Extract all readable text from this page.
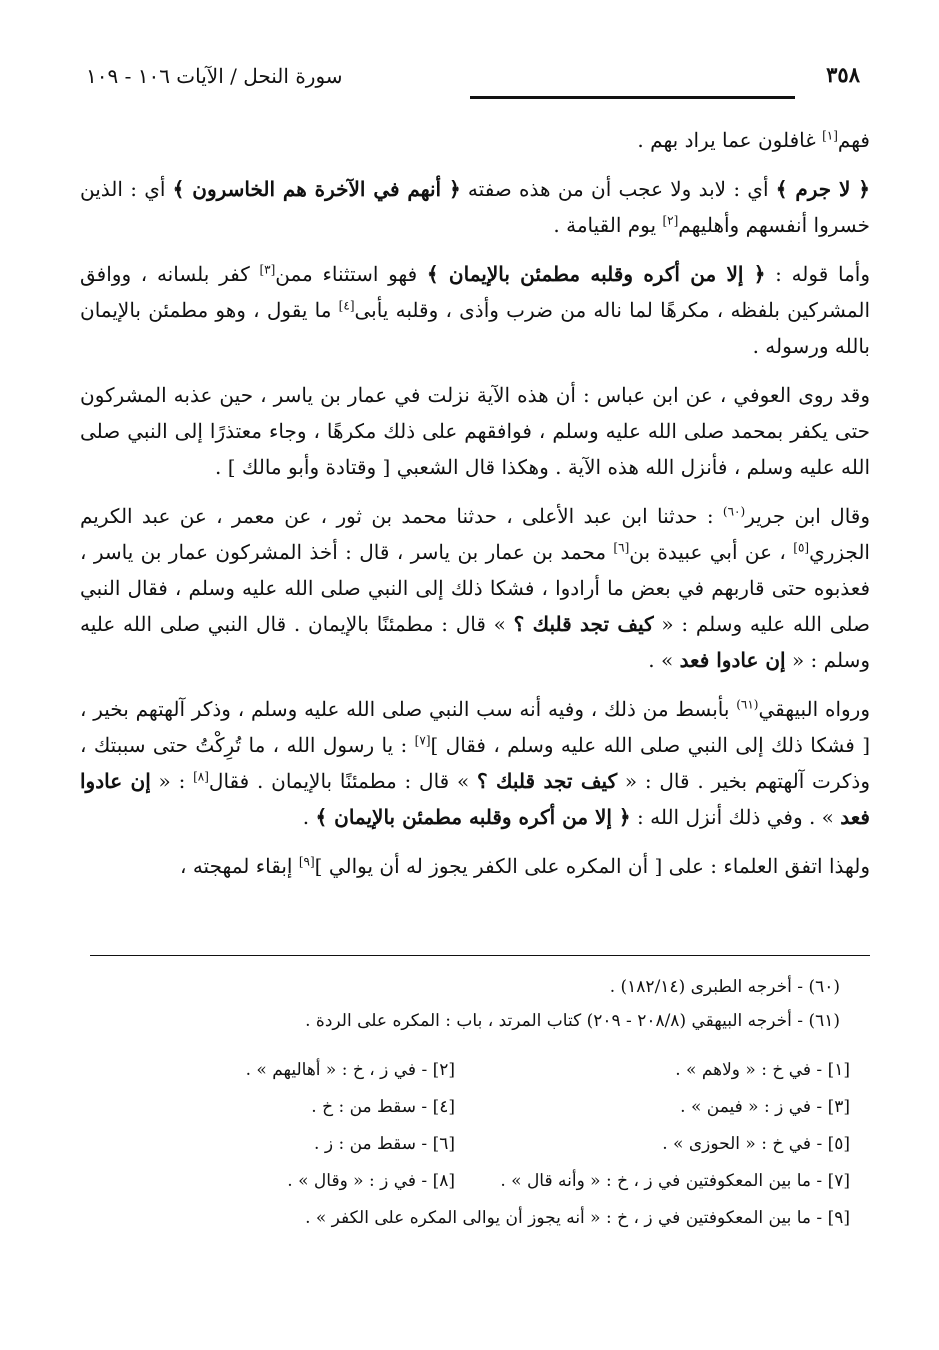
٣٥٨
سورة النحل / الآيات ١٠٦ - ١٠٩

فهم[١] غافلون عما يراد بهم .

﴿ لا جرم ﴾ أي : لابد ولا عجب أن من هذه صفته ﴿ أنهم في الآخرة هم الخاسرون ﴾ أي : الذين خسروا أنفسهم وأهليهم[٢] يوم القيامة .

وأما قوله : ﴿ إلا من أكره وقلبه مطمئن بالإيمان ﴾ فهو استثناء ممن[٣] كفر بلسانه ، ووافق المشركين بلفظه ، مكرهًا لما ناله من ضرب وأذى ، وقلبه يأبى[٤] ما يقول ، وهو مطمئن بالإيمان بالله ورسوله .

وقد روى العوفي ، عن ابن عباس : أن هذه الآية نزلت في عمار بن ياسر ، حين عذبه المشركون حتى يكفر بمحمد صلى الله عليه وسلم ، فوافقهم على ذلك مكرهًا ، وجاء معتذرًا إلى النبي صلى الله عليه وسلم ، فأنزل الله هذه الآية . وهكذا قال الشعبي [ وقتادة وأبو مالك ] .

وقال ابن جرير$^{(٦٠)}$ : حدثنا ابن عبد الأعلى ، حدثنا محمد بن ثور ، عن معمر ، عن عبد الكريم الجزري[٥] ، عن أبي عبيدة بن[٦] محمد بن عمار بن ياسر ، قال : أخذ المشركون عمار بن ياسر ، فعذبوه حتى قاربهم في بعض ما أرادوا ، فشكا ذلك إلى النبي صلى الله عليه وسلم ، فقال النبي صلى الله عليه وسلم : « كيف تجد قلبك ؟ » قال : مطمئنًا بالإيمان . قال النبي صلى الله عليه وسلم : « إن عادوا فعد » .

ورواه البيهقي$^{(٦١)}$ بأبسط من ذلك ، وفيه أنه سب النبي صلى الله عليه وسلم ، وذكر آلهتهم بخير ، [ فشكا ذلك إلى النبي صلى الله عليه وسلم ، فقال ][٧] : يا رسول الله ، ما تُرِكْتُ حتى سببتك ، وذكرت آلهتهم بخير . قال : « كيف تجد قلبك ؟ » قال : مطمئنًا بالإيمان . فقال[٨] : « إن عادوا فعد » . وفي ذلك أنزل الله : ﴿ إلا من أكره وقلبه مطمئن بالإيمان ﴾ .

ولهذا اتفق العلماء : على [ أن المكره على الكفر يجوز له أن يوالي ][٩] إبقاء لمهجته ،

(٦٠) - أخرجه الطبرى (١٨٢/١٤) .
(٦١) - أخرجه البيهقي (٢٠٨/٨ - ٢٠٩) كتاب المرتد ، باب : المكره على الردة .
[١] - في خ : « ولاهم » .
[٢] - في ز ، خ : « أهاليهم » .
[٣] - في ز : « فيمن » .
[٤] - سقط من : خ .
[٥] - في خ : « الحوزى » .
[٦] - سقط من : ز .
[٧] - ما بين المعكوفتين في ز ، خ : « وأنه قال » .
[٨] - في ز : « وقال » .
[٩] - ما بين المعكوفتين في ز ، خ : « أنه يجوز أن يوالى المكره على الكفر » .
